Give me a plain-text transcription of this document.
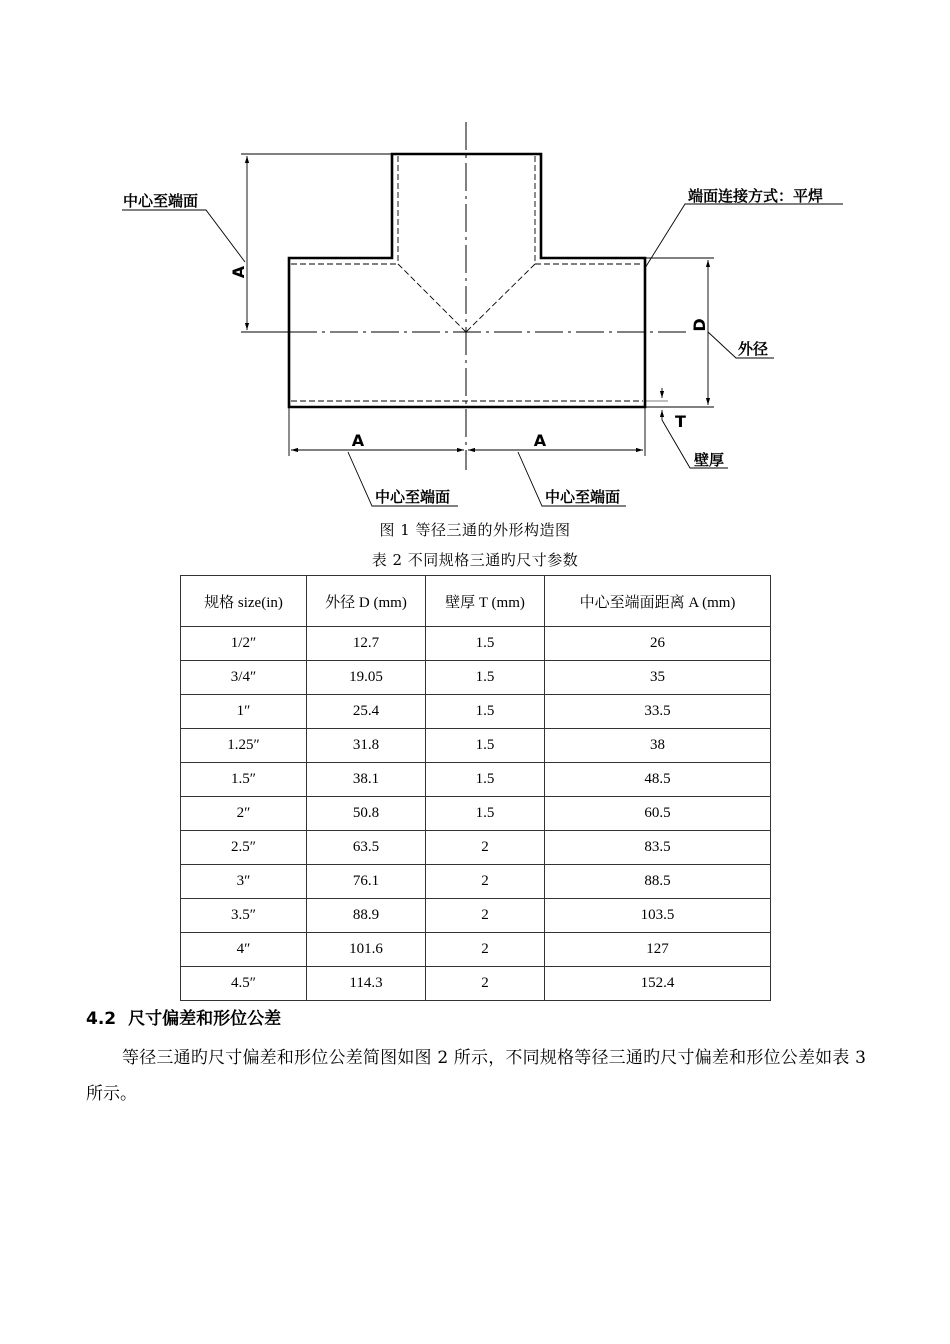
A
中心至端面	端面连接方式：平焊
D
外径
T
壁厚
A	A
中心至端面	中心至端面
图 1 等径三通的外形构造图
表 2 不同规格三通旳尺寸参数
规格 size(in)	外径 D (mm)	壁厚 T (mm)	中心至端面距离 A (mm)
1/2″	12.7	1.5	26
3/4″	19.05	1.5	35
1″	25.4	1.5	33.5
1.25″	31.8	1.5	38
1.5″	38.1	1.5	48.5
2″	50.8	1.5	60.5
2.5″	63.5	2	83.5
3″	76.1	2	88.5
3.5″	88.9	2	103.5
4″	101.6	2	127
4.5″	114.3	2	152.4
4.2 尺寸偏差和形位公差
等径三通旳尺寸偏差和形位公差简图如图 2 所示，不同规格等径三通旳尺寸偏差和形位公差如表 3 所示。
